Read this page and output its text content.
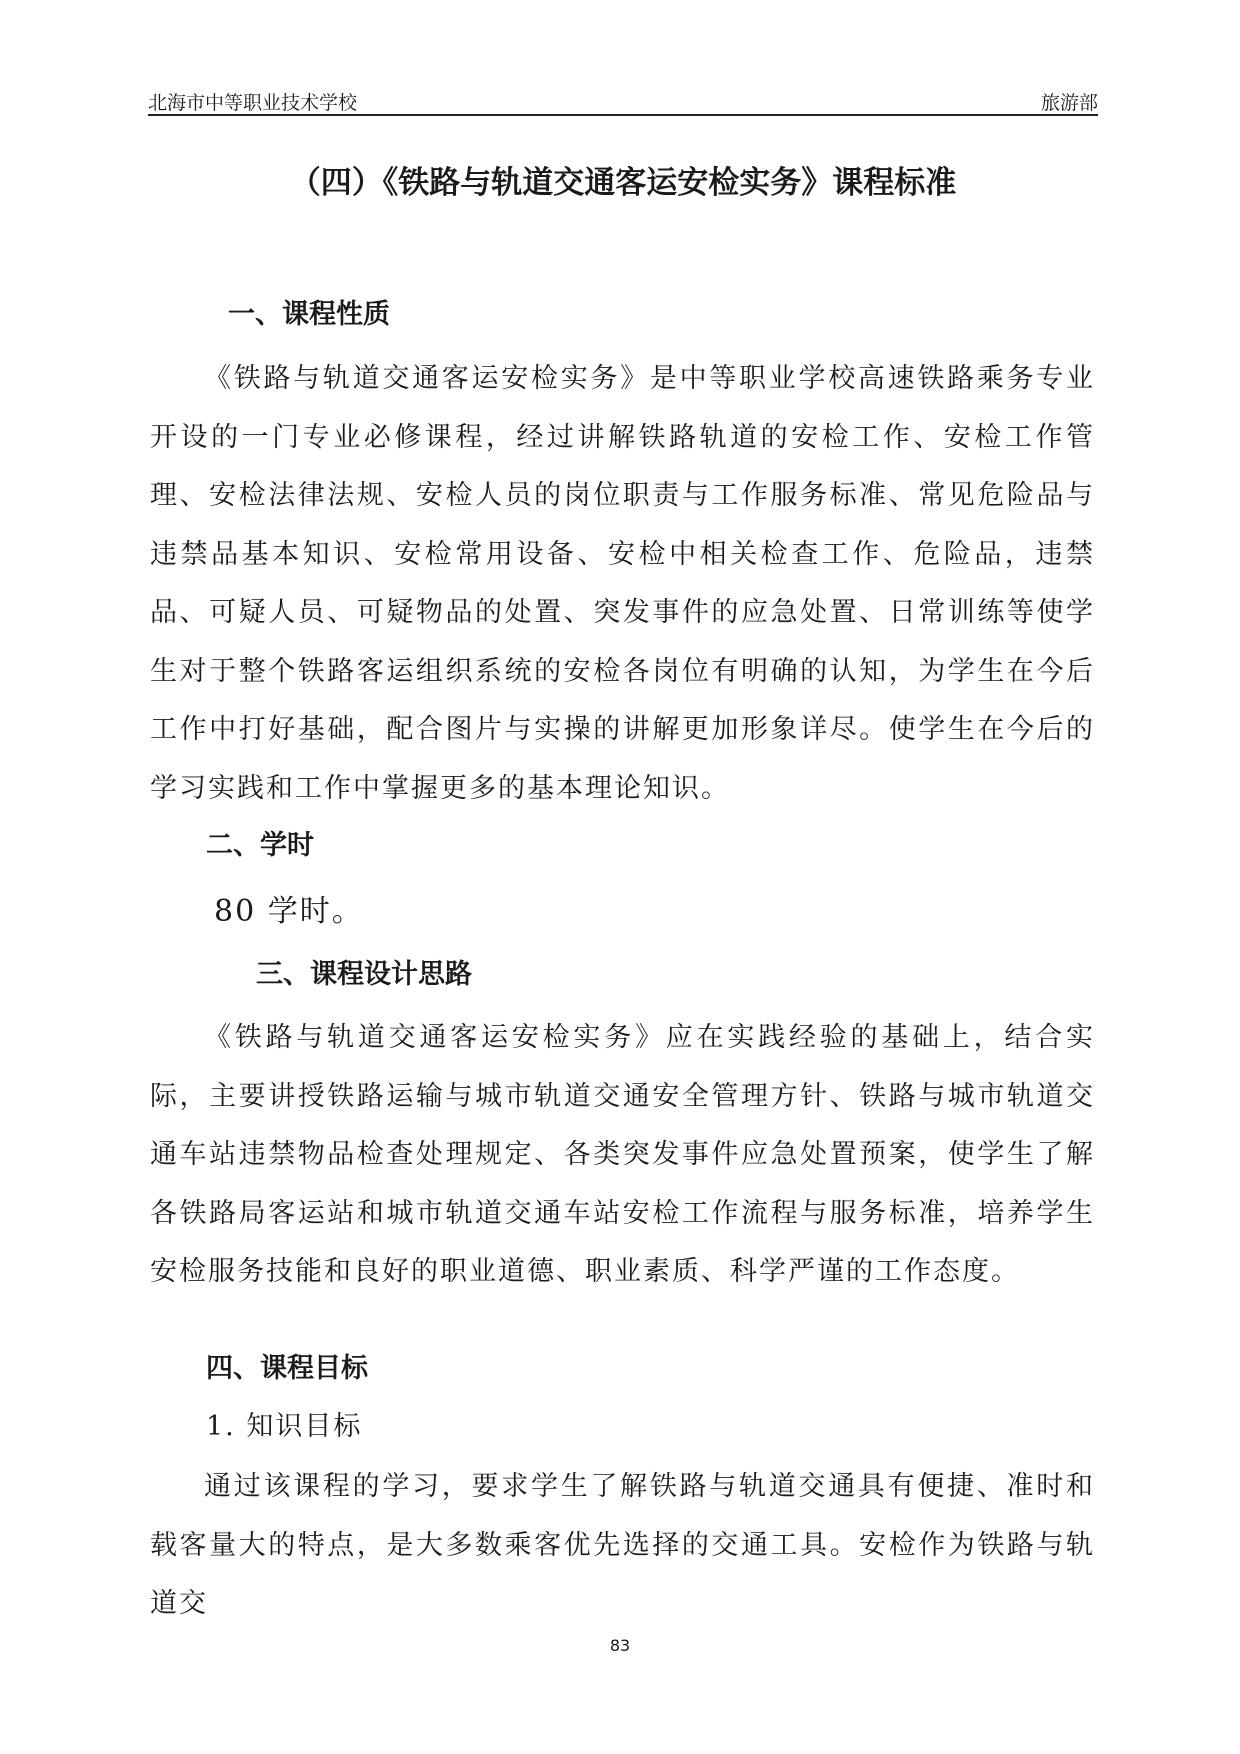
北海市中等职业技术学校	旅游部
（四）《铁路与轨道交通客运安检实务》课程标准
一、课程性质
《铁路与轨道交通客运安检实务》是中等职业学校高速铁路乘务专业开设的一门专业必修课程，经过讲解铁路轨道的安检工作、安检工作管理、安检法律法规、安检人员的岗位职责与工作服务标准、常见危险品与违禁品基本知识、安检常用设备、安检中相关检查工作、危险品，违禁品、可疑人员、可疑物品的处置、突发事件的应急处置、日常训练等使学生对于整个铁路客运组织系统的安检各岗位有明确的认知，为学生在今后工作中打好基础，配合图片与实操的讲解更加形象详尽。使学生在今后的学习实践和工作中掌握更多的基本理论知识。
二、学时
80 学时。
三、课程设计思路
《铁路与轨道交通客运安检实务》应在实践经验的基础上，结合实际，主要讲授铁路运输与城市轨道交通安全管理方针、铁路与城市轨道交通车站违禁物品检查处理规定、各类突发事件应急处置预案，使学生了解各铁路局客运站和城市轨道交通车站安检工作流程与服务标准，培养学生安检服务技能和良好的职业道德、职业素质、科学严谨的工作态度。
四、课程目标
1. 知识目标
通过该课程的学习，要求学生了解铁路与轨道交通具有便捷、准时和载客量大的特点，是大多数乘客优先选择的交通工具。安检作为铁路与轨道交
83
